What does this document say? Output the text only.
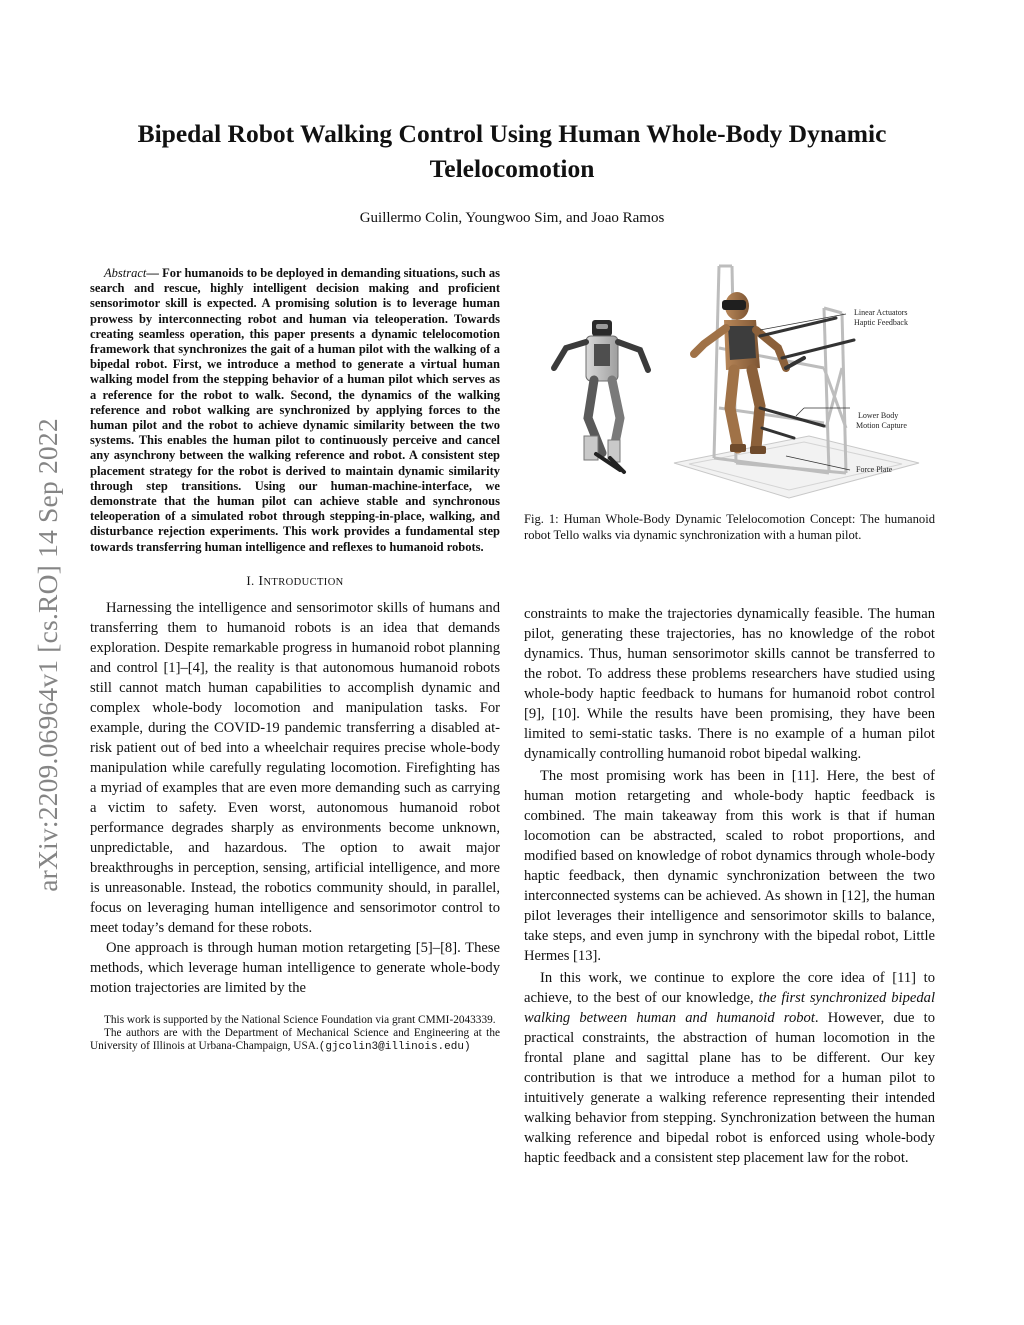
arXiv:2209.06964v1 [cs.RO] 14 Sep 2022
Bipedal Robot Walking Control Using Human Whole-Body Dynamic Telelocomotion
Guillermo Colin, Youngwoo Sim, and Joao Ramos

Abstract— For humanoids to be deployed in demanding situations, such as search and rescue, highly intelligent decision making and proficient sensorimotor skill is expected. A promising solution is to leverage human prowess by interconnecting robot and human via teleoperation. Towards creating seamless operation, this paper presents a dynamic telelocomotion framework that synchronizes the gait of a human pilot with the walking of a bipedal robot. First, we introduce a method to generate a virtual human walking model from the stepping behavior of a human pilot which serves as a reference for the robot to walk. Second, the dynamics of the walking reference and robot walking are synchronized by applying forces to the human pilot and the robot to achieve dynamic similarity between the two systems. This enables the human pilot to continuously perceive and cancel any asynchrony between the walking reference and robot. A consistent step placement strategy for the robot is derived to maintain dynamic similarity through step transitions. Using our human-machine-interface, we demonstrate that the human pilot can achieve stable and synchronous teleoperation of a simulated robot through stepping-in-place, walking, and disturbance rejection experiments. This work provides a fundamental step towards transferring human intelligence and reflexes to humanoid robots.

I. INTRODUCTION

Harnessing the intelligence and sensorimotor skills of humans and transferring them to humanoid robots is an idea that demands exploration. Despite remarkable progress in humanoid robot planning and control [1]–[4], the reality is that autonomous humanoid robots still cannot match human capabilities to accomplish dynamic and complex whole-body locomotion and manipulation tasks. For example, during the COVID-19 pandemic transferring a disabled at-risk patient out of bed into a wheelchair requires precise whole-body manipulation while carefully regulating locomotion. Firefighting has a myriad of examples that are even more demanding such as carrying a victim to safety. Even worst, autonomous humanoid robot performance degrades sharply as environments become unknown, unpredictable, and hazardous. The option to await major breakthroughs in perception, sensing, artificial intelligence, and more is unreasonable. Instead, the robotics community should, in parallel, focus on leveraging human intelligence and sensorimotor control to meet today’s demand for these robots.

One approach is through human motion retargeting [5]–[8]. These methods, which leverage human intelligence to generate whole-body motion trajectories are limited by the

This work is supported by the National Science Foundation via grant CMMI-2043339.

The authors are with the Department of Mechanical Science and Engineering at the University of Illinois at Urbana-Champaign, USA.(gjcolin3@illinois.edu)

Linear Actuators
Haptic Feedback
Lower Body
Motion Capture
Force Plate

Fig. 1: Human Whole-Body Dynamic Telelocomotion Concept: The humanoid robot Tello walks via dynamic synchronization with a human pilot.

constraints to make the trajectories dynamically feasible. The human pilot, generating these trajectories, has no knowledge of the robot dynamics. Thus, human sensorimotor skills cannot be transferred to the robot. To address these problems researchers have studied using whole-body haptic feedback to humans for humanoid robot control [9], [10]. While the results have been promising, they have been limited to semi-static tasks. There is no example of a human pilot dynamically controlling humanoid robot bipedal walking.

The most promising work has been in [11]. Here, the best of human motion retargeting and whole-body haptic feedback is combined. The main takeaway from this work is that if human locomotion can be abstracted, scaled to robot proportions, and modified based on knowledge of robot dynamics through whole-body haptic feedback, then dynamic synchronization between the two interconnected systems can be achieved. As shown in [12], the human pilot leverages their intelligence and sensorimotor skills to balance, take steps, and even jump in synchrony with the bipedal robot, Little Hermes [13].

In this work, we continue to explore the core idea of [11] to achieve, to the best of our knowledge, the first synchronized bipedal walking between human and humanoid robot. However, due to practical constraints, the abstraction of human locomotion in the frontal plane and sagittal plane has to be different. Our key contribution is that we introduce a method for a human pilot to intuitively generate a walking reference representing their intended walking behavior from stepping. Synchronization between the human walking reference and bipedal robot is enforced using whole-body haptic feedback and a consistent step placement law for the robot.
